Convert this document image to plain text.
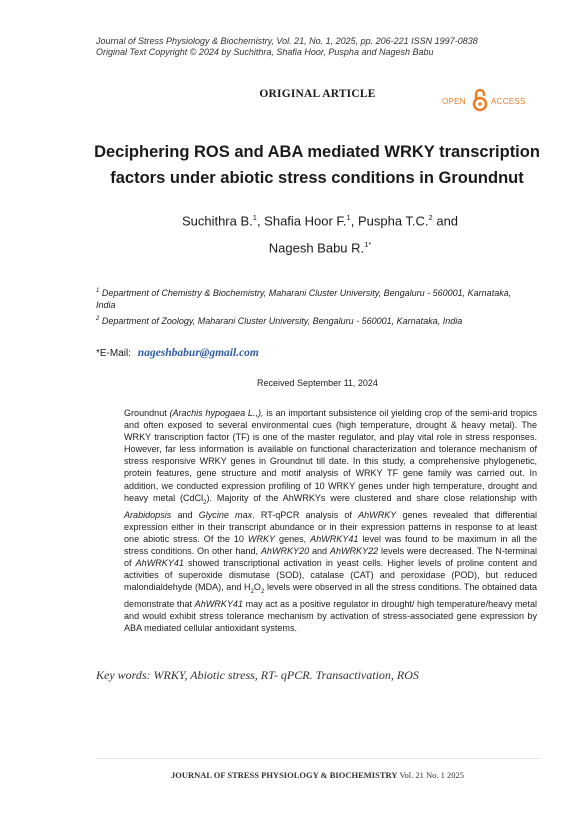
Journal of Stress Physiology & Biochemistry, Vol. 21, No. 1, 2025, pp. 206-221 ISSN 1997-0838
Original Text Copyright © 2024 by Suchithra, Shafia Hoor, Puspha and Nagesh Babu
ORIGINAL ARTICLE
OPEN	ACCESS
Deciphering ROS and ABA mediated WRKY transcription factors under abiotic stress conditions in Groundnut
Suchithra B.$^1$, Shafia Hoor F.$^1$, Puspha T.C.$^2$ and
Nagesh Babu R.$^{1*}$
$^1$ Department of Chemistry & Biochemistry, Maharani Cluster University, Bengaluru - 560001, Karnataka, India
$^2$ Department of Zoology, Maharani Cluster University, Bengaluru - 560001, Karnataka, India
*E-Mail: nageshbabur@gmail.com
Received September 11, 2024
Groundnut (Arachis hypogaea L.,), is an important subsistence oil yielding crop of the semi-arid tropics and often exposed to several environmental cues (high temperature, drought & heavy metal). The WRKY transcription factor (TF) is one of the master regulator, and play vital role in stress responses. However, far less information is available on functional characterization and tolerance mechanism of stress responsive WRKY genes in Groundnut till date. In this study, a comprehensive phylogenetic, protein features, gene structure and motif analysis of WRKY TF gene family was carried out. In addition, we conducted expression profiling of 10 WRKY genes under high temperature, drought and heavy metal (CdCl$_2$). Majority of the AhWRKYs were clustered and share close relationship with Arabidopsis and Glycine max. RT-qPCR analysis of AhWRKY genes revealed that differential expression either in their transcript abundance or in their expression patterns in response to at least one abiotic stress. Of the 10 WRKY genes, AhWRKY41 level was found to be maximum in all the stress conditions. On other hand, AhWRKY20 and AhWRKY22 levels were decreased. The N-terminal of AhWRKY41 showed transcriptional activation in yeast cells. Higher levels of proline content and activities of superoxide dismutase (SOD), catalase (CAT) and peroxidase (POD), but reduced malondialdehyde (MDA), and $H_2O_2$ levels were observed in all the stress conditions. The obtained data demonstrate that AhWRKY41 may act as a positive regulator in drought/ high temperature/heavy metal and would exhibit stress tolerance mechanism by activation of stress-associated gene expression by ABA mediated cellular antioxidant systems.
Key words: WRKY, Abiotic stress, RT- qPCR. Transactivation, ROS
JOURNAL OF STRESS PHYSIOLOGY & BIOCHEMISTRY Vol. 21 No. 1 2025
